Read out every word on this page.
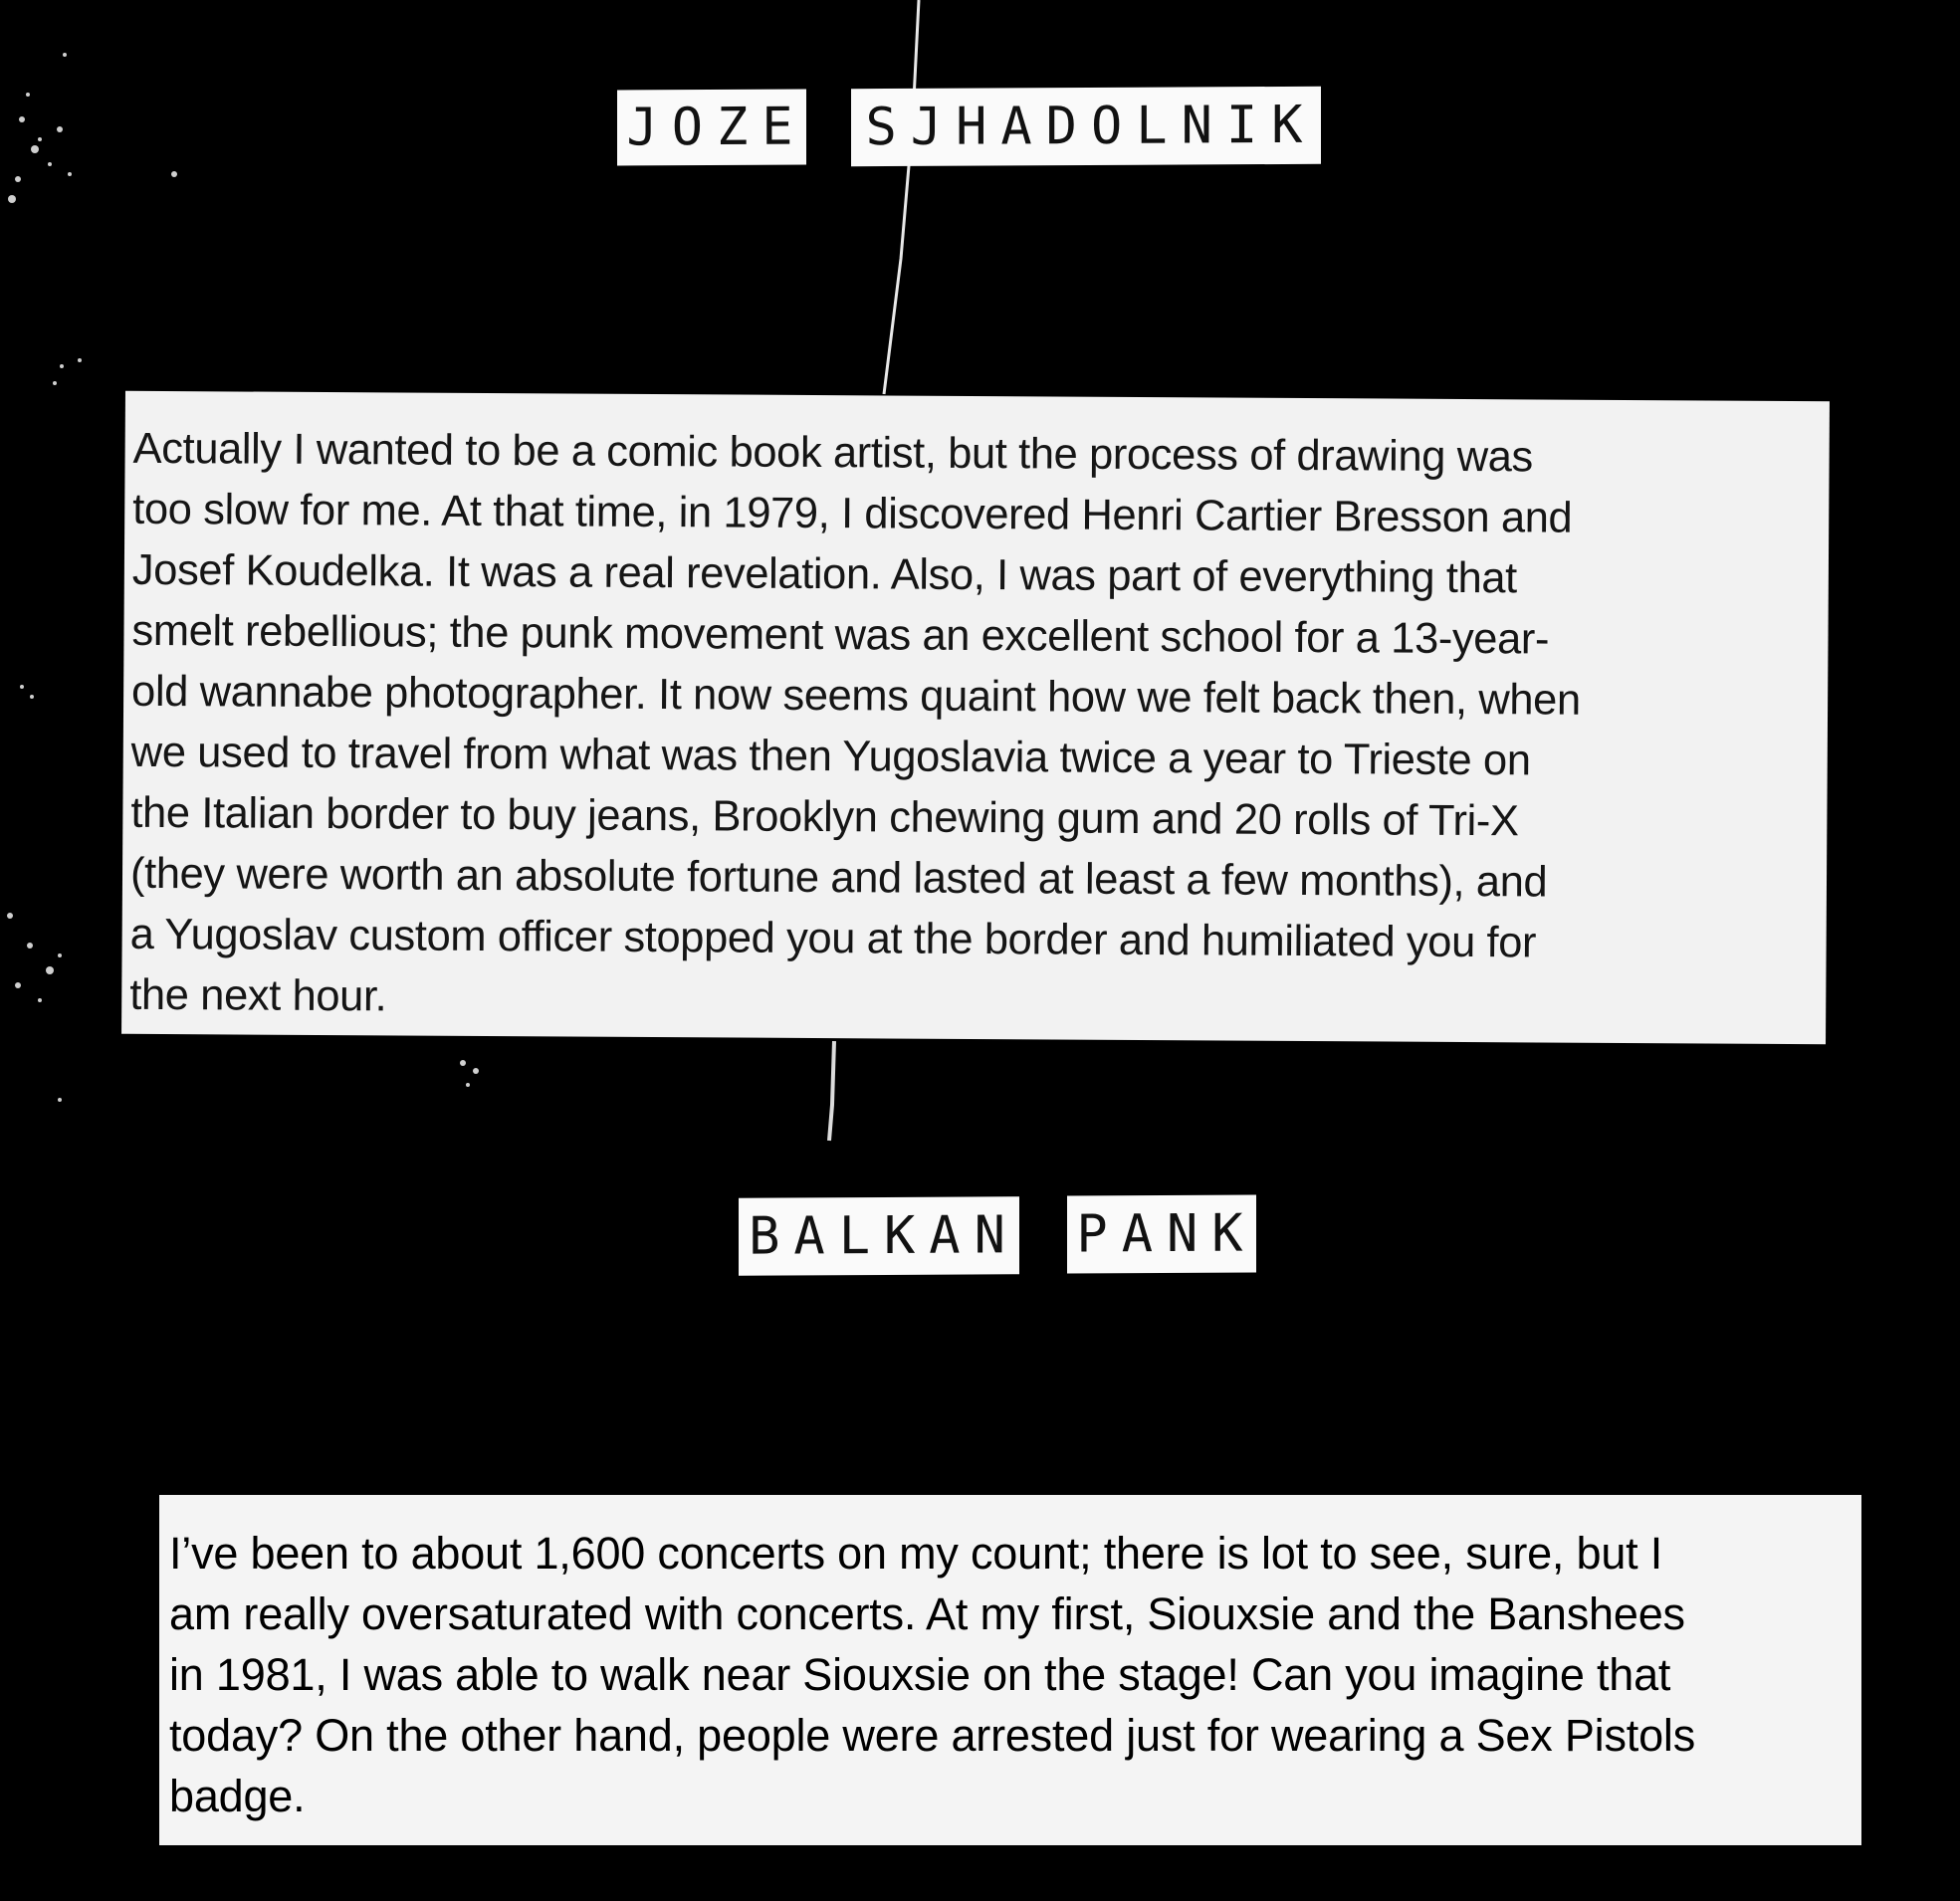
JOZE SJHADOLNIK
Actually I wanted to be a comic book artist, but the process of drawing was
too slow for me. At that time, in 1979, I discovered Henri Cartier Bresson and
Josef Koudelka. It was a real revelation. Also, I was part of everything that
smelt rebellious; the punk movement was an excellent school for a 13-year-
old wannabe photographer. It now seems quaint how we felt back then, when
we used to travel from what was then Yugoslavia twice a year to Trieste on
the Italian border to buy jeans, Brooklyn chewing gum and 20 rolls of Tri-X
(they were worth an absolute fortune and lasted at least a few months), and
a Yugoslav custom officer stopped you at the border and humiliated you for
the next hour.
BALKAN PANK
I’ve been to about 1,600 concerts on my count; there is lot to see, sure, but I
am really oversaturated with concerts. At my first, Siouxsie and the Banshees
in 1981, I was able to walk near Siouxsie on the stage! Can you imagine that
today? On the other hand, people were arrested just for wearing a Sex Pistols
badge.
